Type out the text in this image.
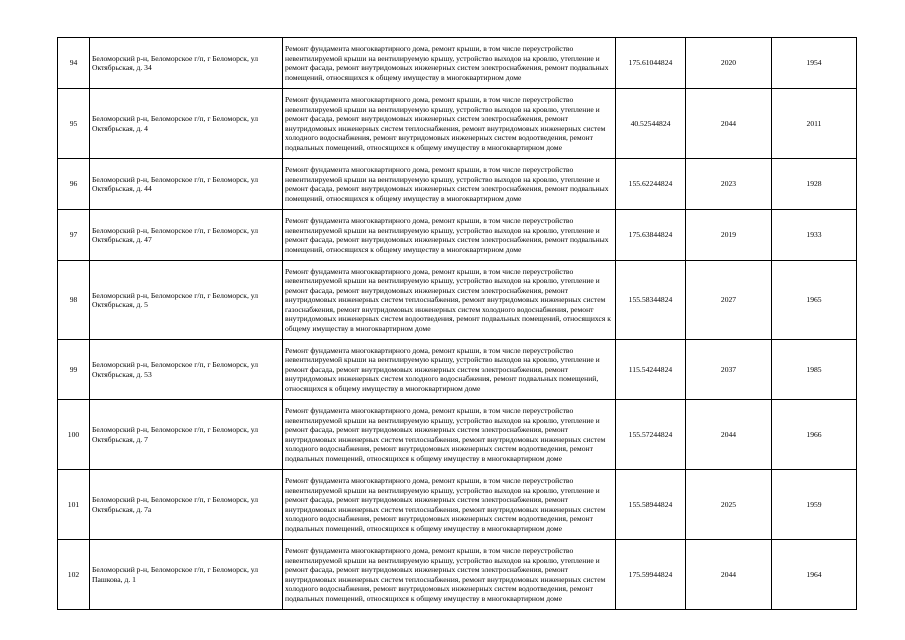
94	Беломорский р-н, Беломорское г/п, г Беломорск, ул Октябрьская, д. 34	Ремонт фундамента многоквартирного дома, ремонт крыши, в том числе переустройство невентилируемой крыши на вентилируемую крышу, устройство выходов на кровлю, утепление и ремонт фасада, ремонт внутридомовых инженерных систем электроснабжения, ремонт подвальных помещений, относящихся к общему имуществу в многоквартирном доме	175.61044824	2020	1954
95	Беломорский р-н, Беломорское г/п, г Беломорск, ул Октябрьская, д. 4	Ремонт фундамента многоквартирного дома, ремонт крыши, в том числе переустройство невентилируемой крыши на вентилируемую крышу, устройство выходов на кровлю, утепление и ремонт фасада, ремонт внутридомовых инженерных систем электроснабжения, ремонт внутридомовых инженерных систем теплоснабжения, ремонт внутридомовых инженерных систем холодного водоснабжения, ремонт внутридомовых инженерных систем водоотведения, ремонт подвальных помещений, относящихся к общему имуществу в многоквартирном доме	40.52544824	2044	2011
96	Беломорский р-н, Беломорское г/п, г Беломорск, ул Октябрьская, д. 44	Ремонт фундамента многоквартирного дома, ремонт крыши, в том числе переустройство невентилируемой крыши на вентилируемую крышу, устройство выходов на кровлю, утепление и ремонт фасада, ремонт внутридомовых инженерных систем электроснабжения, ремонт подвальных помещений, относящихся к общему имуществу в многоквартирном доме	155.62244824	2023	1928
97	Беломорский р-н, Беломорское г/п, г Беломорск, ул Октябрьская, д. 47	Ремонт фундамента многоквартирного дома, ремонт крыши, в том числе переустройство невентилируемой крыши на вентилируемую крышу, устройство выходов на кровлю, утепление и ремонт фасада, ремонт внутридомовых инженерных систем электроснабжения, ремонт подвальных помещений, относящихся к общему имуществу в многоквартирном доме	175.63844824	2019	1933
98	Беломорский р-н, Беломорское г/п, г Беломорск, ул Октябрьская, д. 5	Ремонт фундамента многоквартирного дома, ремонт крыши, в том числе переустройство невентилируемой крыши на вентилируемую крышу, устройство выходов на кровлю, утепление и ремонт фасада, ремонт внутридомовых инженерных систем электроснабжения, ремонт внутридомовых инженерных систем теплоснабжения, ремонт внутридомовых инженерных систем газоснабжения, ремонт внутридомовых инженерных систем холодного водоснабжения, ремонт внутридомовых инженерных систем водоотведения, ремонт подвальных помещений, относящихся к общему имуществу в многоквартирном доме	155.58344824	2027	1965
99	Беломорский р-н, Беломорское г/п, г Беломорск, ул Октябрьская, д. 53	Ремонт фундамента многоквартирного дома, ремонт крыши, в том числе переустройство невентилируемой крыши на вентилируемую крышу, устройство выходов на кровлю, утепление и ремонт фасада, ремонт внутридомовых инженерных систем электроснабжения, ремонт внутридомовых инженерных систем холодного водоснабжения, ремонт подвальных помещений, относящихся к общему имуществу в многоквартирном доме	115.54244824	2037	1985
100	Беломорский р-н, Беломорское г/п, г Беломорск, ул Октябрьская, д. 7	Ремонт фундамента многоквартирного дома, ремонт крыши, в том числе переустройство невентилируемой крыши на вентилируемую крышу, устройство выходов на кровлю, утепление и ремонт фасада, ремонт внутридомовых инженерных систем электроснабжения, ремонт внутридомовых инженерных систем теплоснабжения, ремонт внутридомовых инженерных систем холодного водоснабжения, ремонт внутридомовых инженерных систем водоотведения, ремонт подвальных помещений, относящихся к общему имуществу в многоквартирном доме	155.57244824	2044	1966
101	Беломорский р-н, Беломорское г/п, г Беломорск, ул Октябрьская, д. 7а	Ремонт фундамента многоквартирного дома, ремонт крыши, в том числе переустройство невентилируемой крыши на вентилируемую крышу, устройство выходов на кровлю, утепление и ремонт фасада, ремонт внутридомовых инженерных систем электроснабжения, ремонт внутридомовых инженерных систем теплоснабжения, ремонт внутридомовых инженерных систем холодного водоснабжения, ремонт внутридомовых инженерных систем водоотведения, ремонт подвальных помещений, относящихся к общему имуществу в многоквартирном доме	155.58944824	2025	1959
102	Беломорский р-н, Беломорское г/п, г Беломорск, ул Пашкова, д. 1	Ремонт фундамента многоквартирного дома, ремонт крыши, в том числе переустройство невентилируемой крыши на вентилируемую крышу, устройство выходов на кровлю, утепление и ремонт фасада, ремонт внутридомовых инженерных систем электроснабжения, ремонт внутридомовых инженерных систем теплоснабжения, ремонт внутридомовых инженерных систем холодного водоснабжения, ремонт внутридомовых инженерных систем водоотведения, ремонт подвальных помещений, относящихся к общему имуществу в многоквартирном доме	175.59944824	2044	1964
